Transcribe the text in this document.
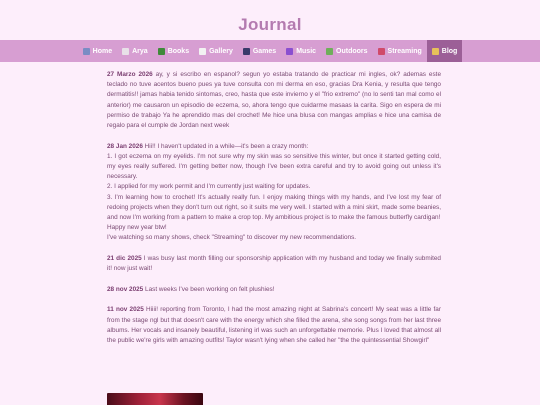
Journal
Home	Arya	Books	Gallery	Games	Music	Outdoors	Streaming	Blog

27 Marzo 2026 ay, y si escribo en espanol? segun yo estaba tratando de practicar mi ingles, ok? ademas este teclado no tuve acentos bueno pues ya tuve consulta con mi derma en eso, gracias Dra Kenia, y resulta que tengo dermatitis!! jamas habia tenido sintomas, creo, hasta que este invierno y el "frio extremo" (no lo senti tan mal como el anterior) me causaron un episodio de eczema, so, ahora tengo que cuidarme masaas la carita. Sigo en espera de mi permiso de trabajo Ya he aprendido mas del crochet! Me hice una blusa con mangas amplias e hice una camisa de regalo para el cumple de Jordan next week

28 Jan 2026 Hii!! I haven't updated in a while—it's been a crazy month:

1. I got eczema on my eyelids. I'm not sure why my skin was so sensitive this winter, but once it started getting cold, my eyes really suffered. I'm getting better now, though I've been extra careful and try to avoid going out unless it's necessary.

2. I applied for my work permit and I'm currently just waiting for updates.

3. I'm learning how to crochet! It's actually really fun. I enjoy making things with my hands, and I've lost my fear of redoing projects when they don't turn out right, so it suits me very well. I started with a mini skirt, made some beanies, and now I'm working from a pattern to make a crop top. My ambitious project is to make the famous butterfly cardigan!

Happy new year btw!

I've watching so many shows, check "Streaming" to discover my new recommendations.

21 dic 2025 I was busy last month filling our sponsorship application with my husband and today we finally submited it! now just wait!

28 nov 2025 Last weeks I've been working on felt plushies!

11 nov 2025 Hiiii! reporting from Toronto, I had the most amazing night at Sabrina's concert! My seat was a little far from the stage ngl but that doesn't care with the energy which she filled the arena, she song songs from her last three albums. Her vocals and insanely beautiful, listening irl was such an unforgettable memorie. Plus I loved that almost all the public we're girls with amazing outfits! Taylor wasn't lying when she called her "the the quintessential Showgirl"
